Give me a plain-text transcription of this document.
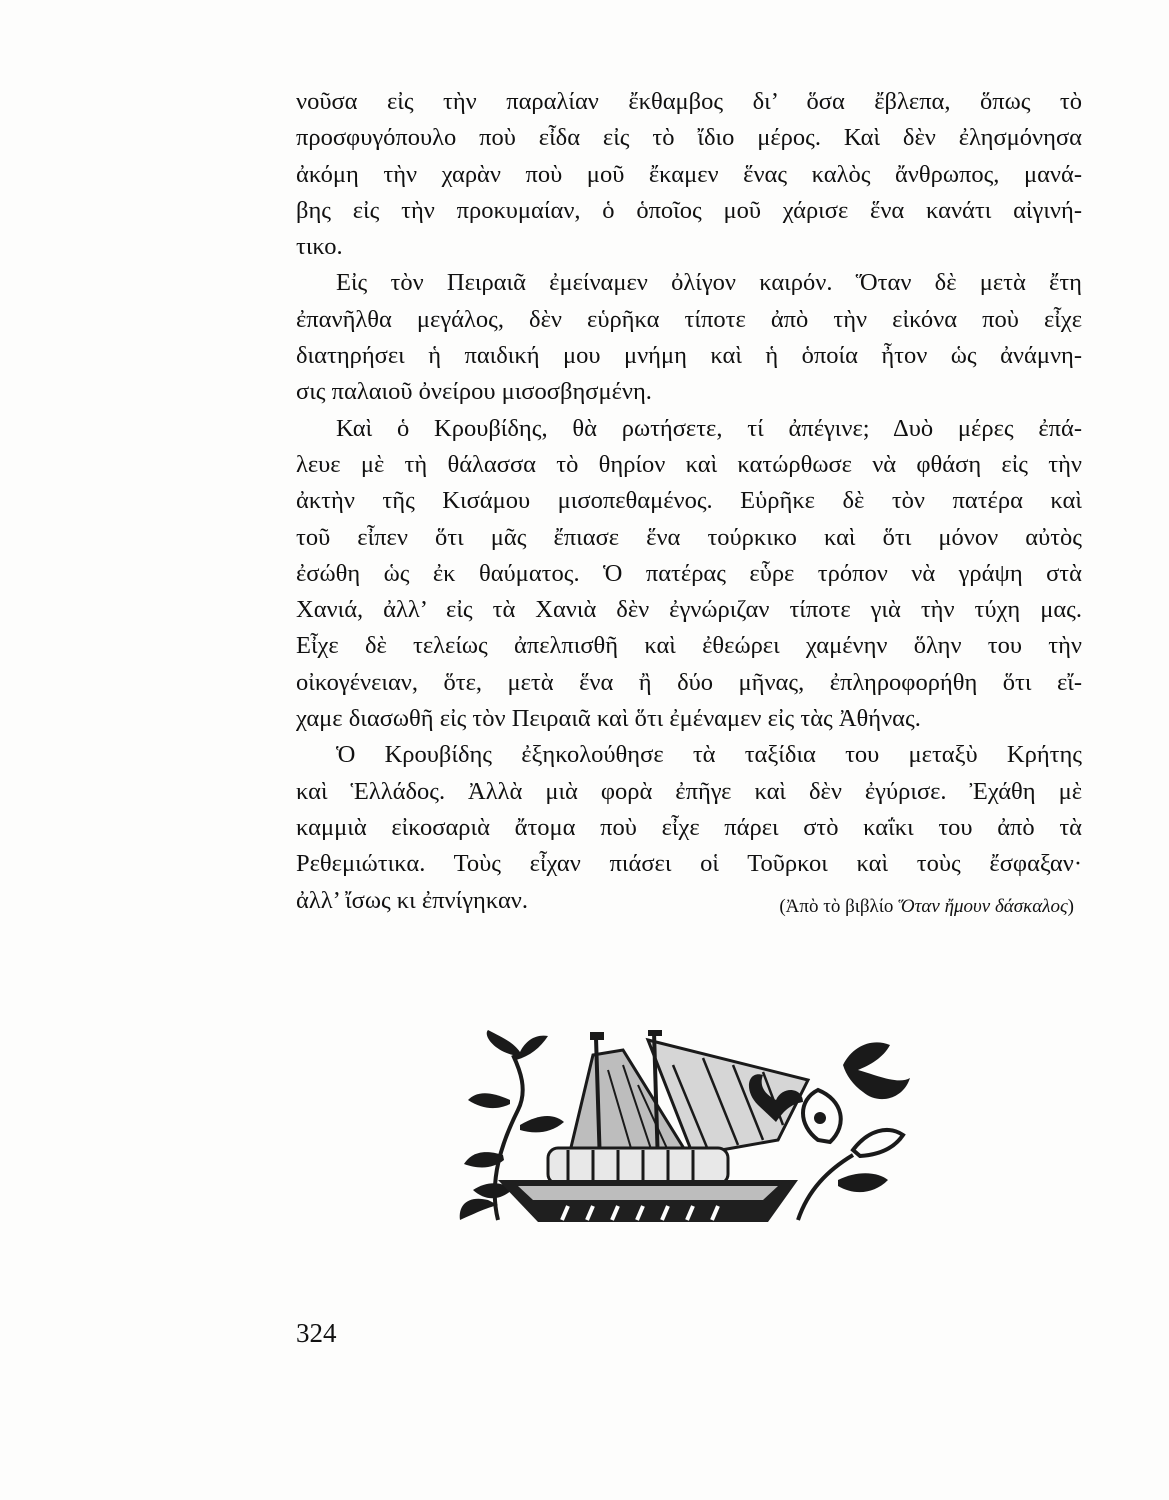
νοῦσα εἰς τὴν παραλίαν ἔκθαμβος δι’ ὅσα ἔβλεπα, ὅπως τὸ
προσφυγόπουλο ποὺ εἶδα εἰς τὸ ἴδιο μέρος. Καὶ δὲν ἐλησμόνησα
ἀκόμη τὴν χαρὰν ποὺ μοῦ ἔκαμεν ἕνας καλὸς ἄνθρωπος, μανά-
βης εἰς τὴν προκυμαίαν, ὁ ὁποῖος μοῦ χάρισε ἕνα κανάτι αἰγινή-
τικο.
Εἰς τὸν Πειραιᾶ ἐμείναμεν ὀλίγον καιρόν. Ὅταν δὲ μετὰ ἔτη
ἐπανῆλθα μεγάλος, δὲν εὑρῆκα τίποτε ἀπὸ τὴν εἰκόνα ποὺ εἶχε
διατηρήσει ἡ παιδική μου μνήμη καὶ ἡ ὁποία ἦτον ὡς ἀνάμνη-
σις παλαιοῦ ὀνείρου μισοσβησμένη.
Καὶ ὁ Κρουβίδης, θὰ ρωτήσετε, τί ἀπέγινε; Δυὸ μέρες ἐπά-
λευε μὲ τὴ θάλασσα τὸ θηρίον καὶ κατώρθωσε νὰ φθάση εἰς τὴν
ἀκτὴν τῆς Κισάμου μισοπεθαμένος. Εὑρῆκε δὲ τὸν πατέρα καὶ
τοῦ εἶπεν ὅτι μᾶς ἔπιασε ἕνα τούρκικο καὶ ὅτι μόνον αὐτὸς
ἐσώθη ὡς ἐκ θαύματος. Ὁ πατέρας εὗρε τρόπον νὰ γράψη στὰ
Χανιά, ἀλλ’ εἰς τὰ Χανιὰ δὲν ἐγνώριζαν τίποτε γιὰ τὴν τύχη μας.
Εἶχε δὲ τελείως ἀπελπισθῆ καὶ ἐθεώρει χαμένην ὅλην του τὴν
οἰκογένειαν, ὅτε, μετὰ ἕνα ἢ δύο μῆνας, ἐπληροφορήθη ὅτι εἴ-
χαμε διασωθῆ εἰς τὸν Πειραιᾶ καὶ ὅτι ἐμέναμεν εἰς τὰς Ἀθήνας.
Ὁ Κρουβίδης ἐξηκολούθησε τὰ ταξίδια του μεταξὺ Κρήτης
καὶ Ἑλλάδος. Ἀλλὰ μιὰ φορὰ ἐπῆγε καὶ δὲν ἐγύρισε. Ἐχάθη μὲ
καμμιὰ εἰκοσαριὰ ἄτομα ποὺ εἶχε πάρει στὸ καΐκι του ἀπὸ τὰ
Ρεθεμιώτικα. Τοὺς εἶχαν πιάσει οἱ Τοῦρκοι καὶ τοὺς ἔσφαξαν·
ἀλλ’ ἴσως κι ἐπνίγηκαν.	(Ἀπὸ τὸ βιβλίο Ὅταν ἤμουν δάσκαλος)
324
